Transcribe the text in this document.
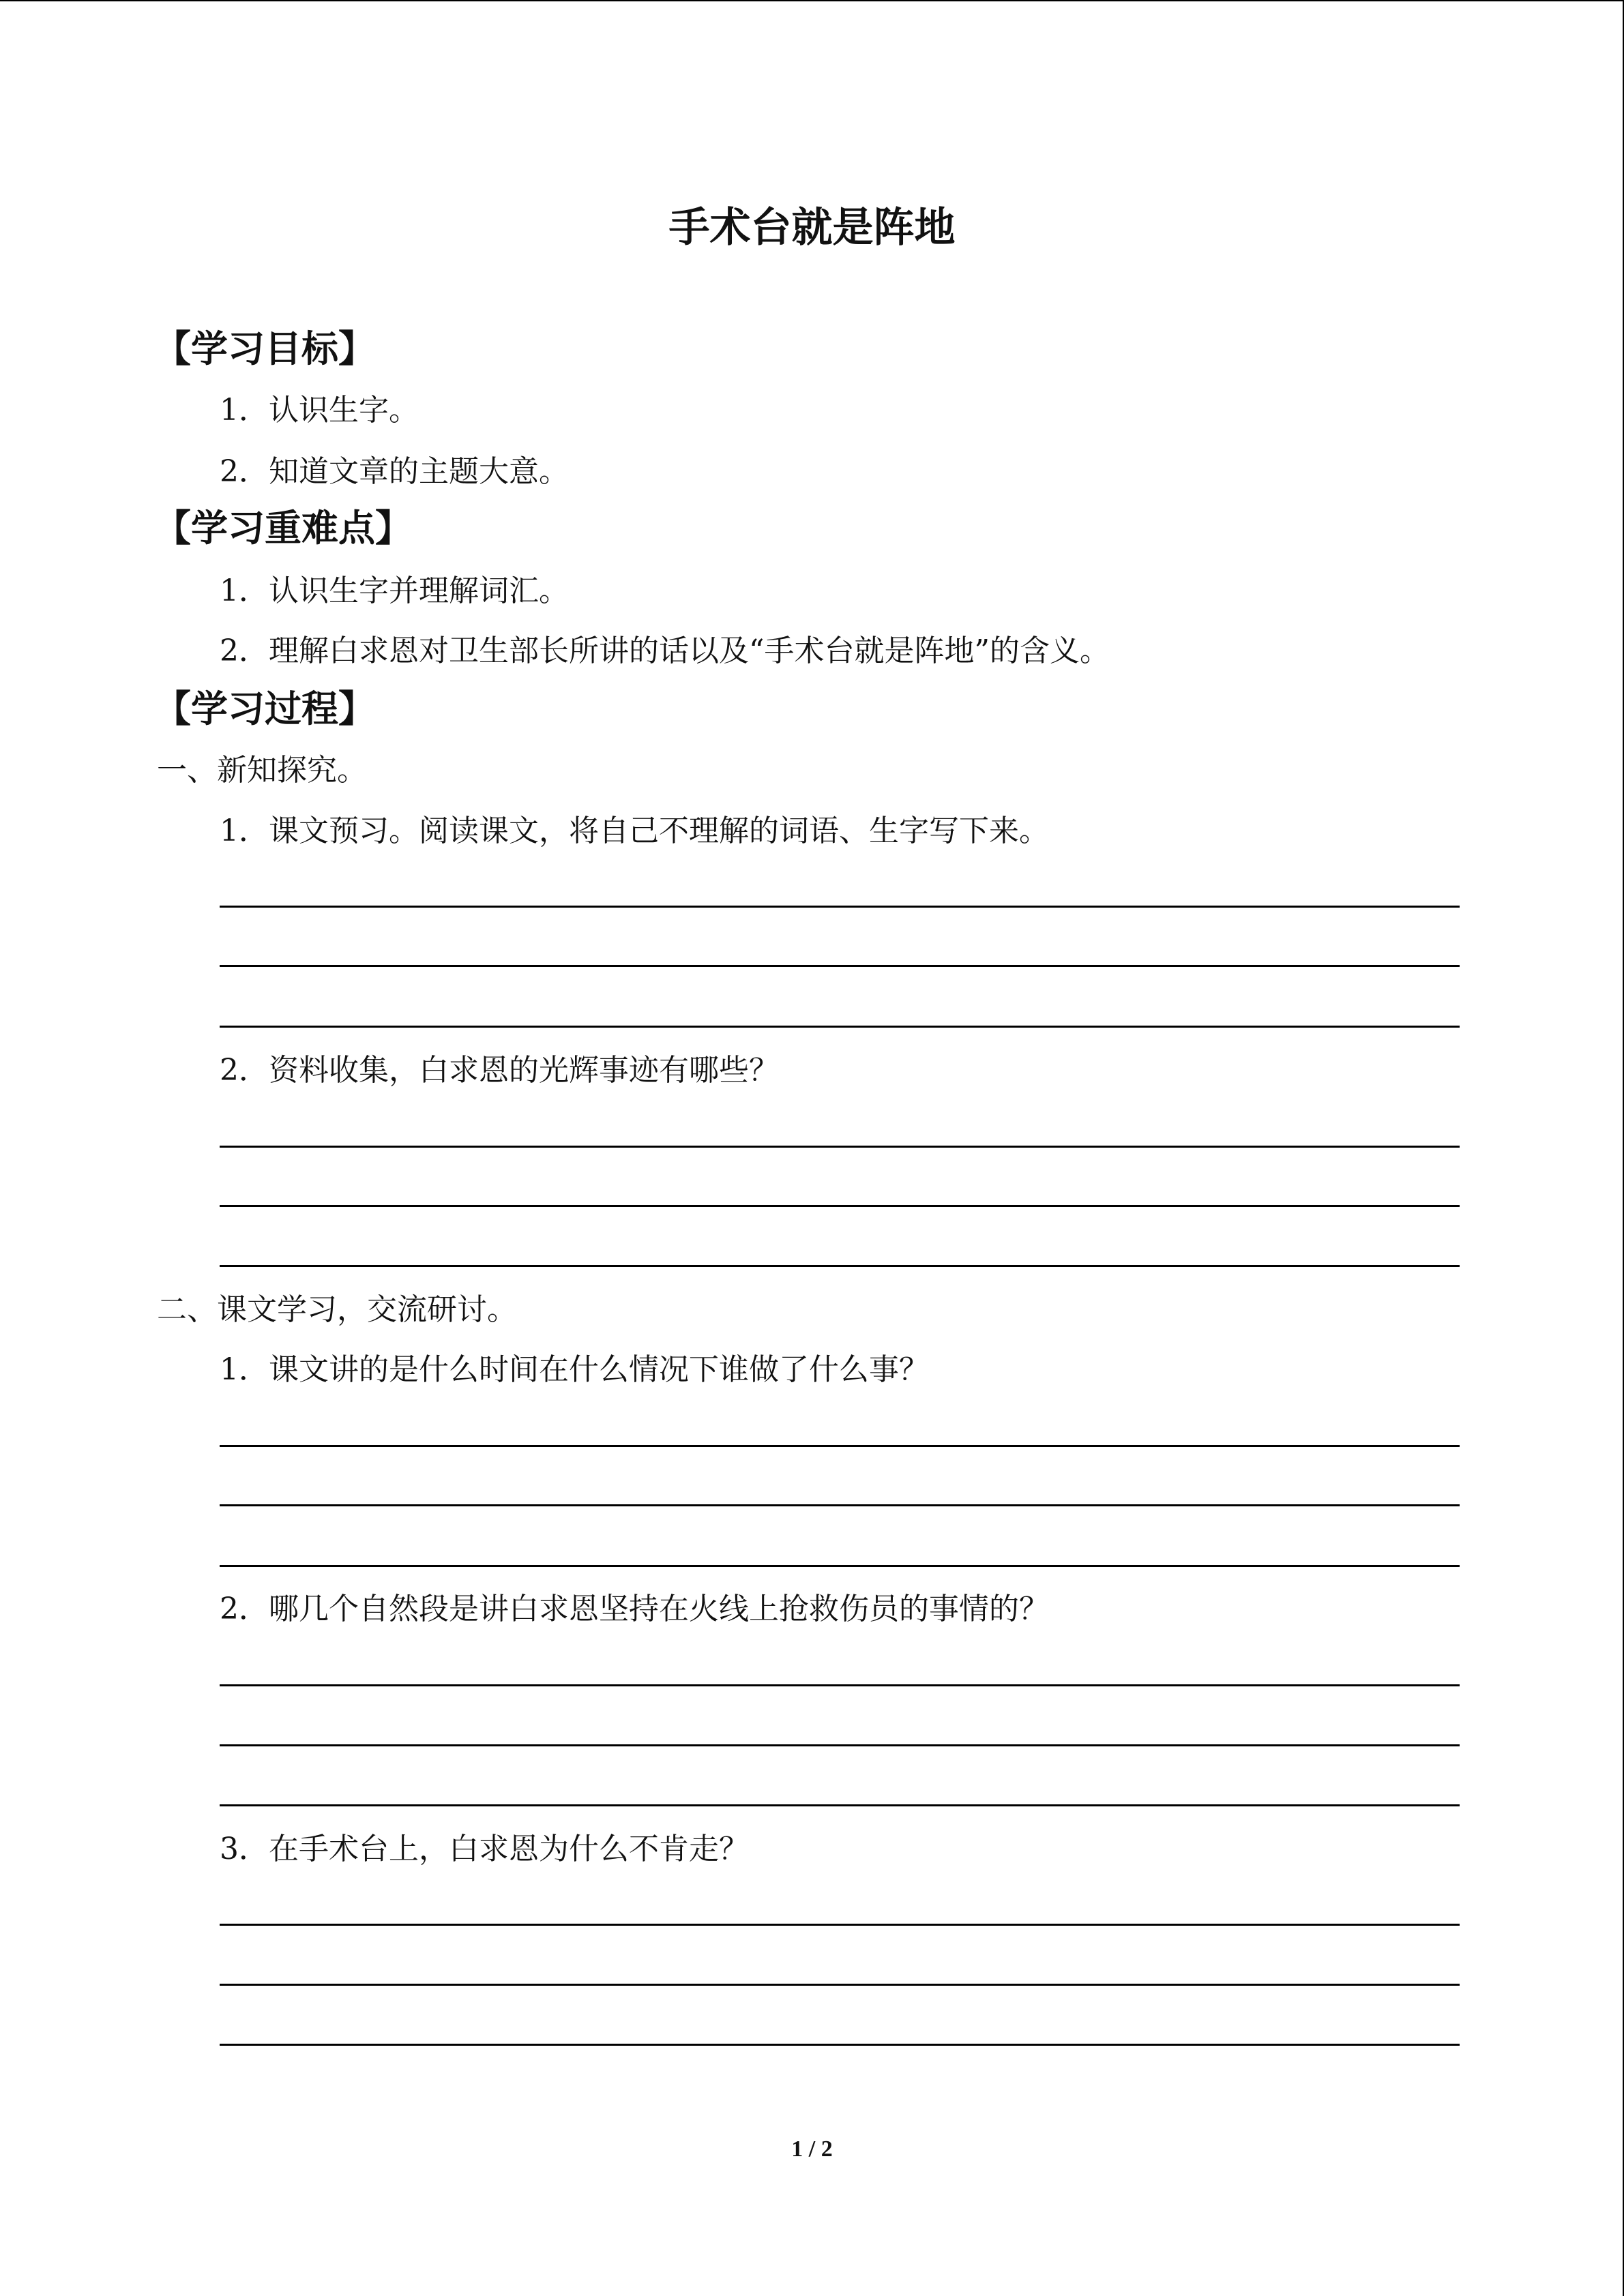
手术台就是阵地
【学习目标】
1．认识生字。
2．知道文章的主题大意。
【学习重难点】
1．认识生字并理解词汇。
2．理解白求恩对卫生部长所讲的话以及“手术台就是阵地”的含义。
【学习过程】
一、新知探究。
1．课文预习。阅读课文，将自己不理解的词语、生字写下来。
2．资料收集，白求恩的光辉事迹有哪些？
二、课文学习，交流研讨。
1．课文讲的是什么时间在什么情况下谁做了什么事？
2．哪几个自然段是讲白求恩坚持在火线上抢救伤员的事情的？
3．在手术台上，白求恩为什么不肯走？
1 / 2
